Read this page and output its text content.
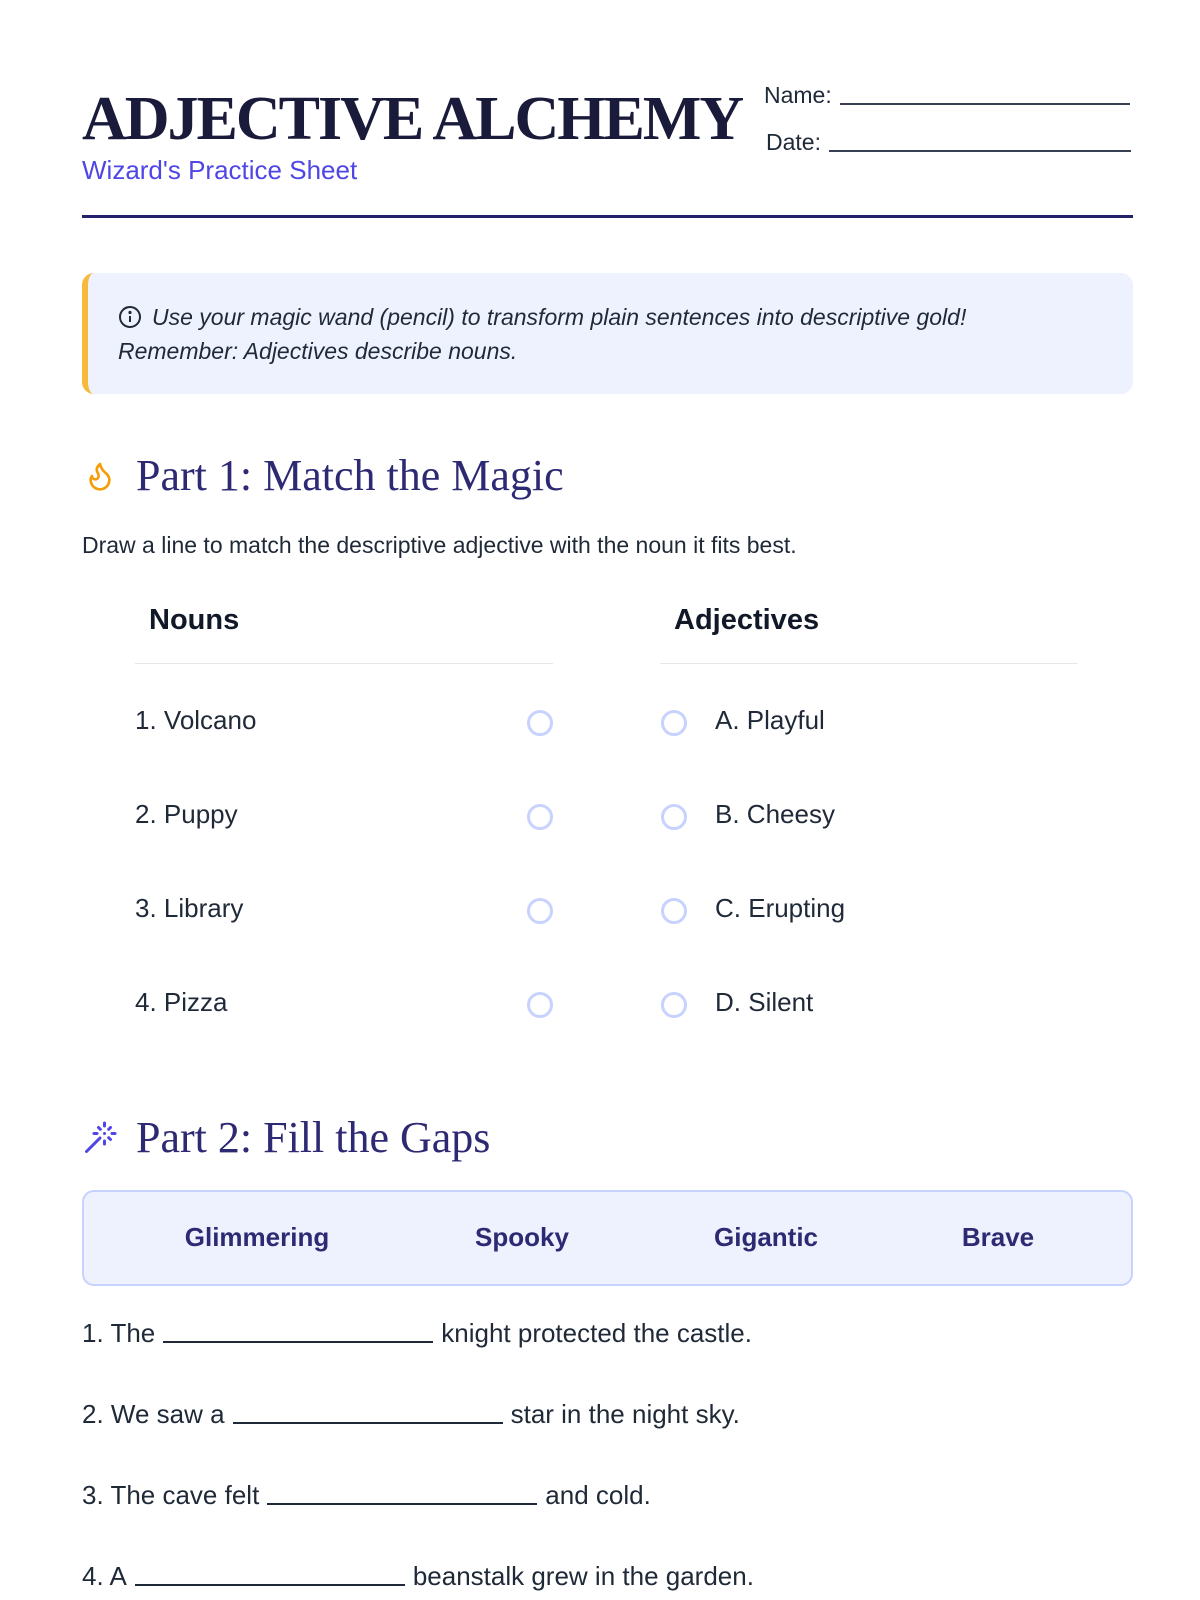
ADJECTIVE ALCHEMY
Wizard's Practice Sheet
Name:
Date:
Use your magic wand (pencil) to transform plain sentences into descriptive gold!
Remember: Adjectives describe nouns.
Part 1: Match the Magic
Draw a line to match the descriptive adjective with the noun it fits best.
Nouns	Adjectives
1. Volcano	A. Playful
2. Puppy	B. Cheesy
3. Library	C. Erupting
4. Pizza	D. Silent
Part 2: Fill the Gaps
Glimmering	Spooky	Gigantic	Brave
1. The	knight protected the castle.
2. We saw a	star in the night sky.
3. The cave felt	and cold.
4. A	beanstalk grew in the garden.
